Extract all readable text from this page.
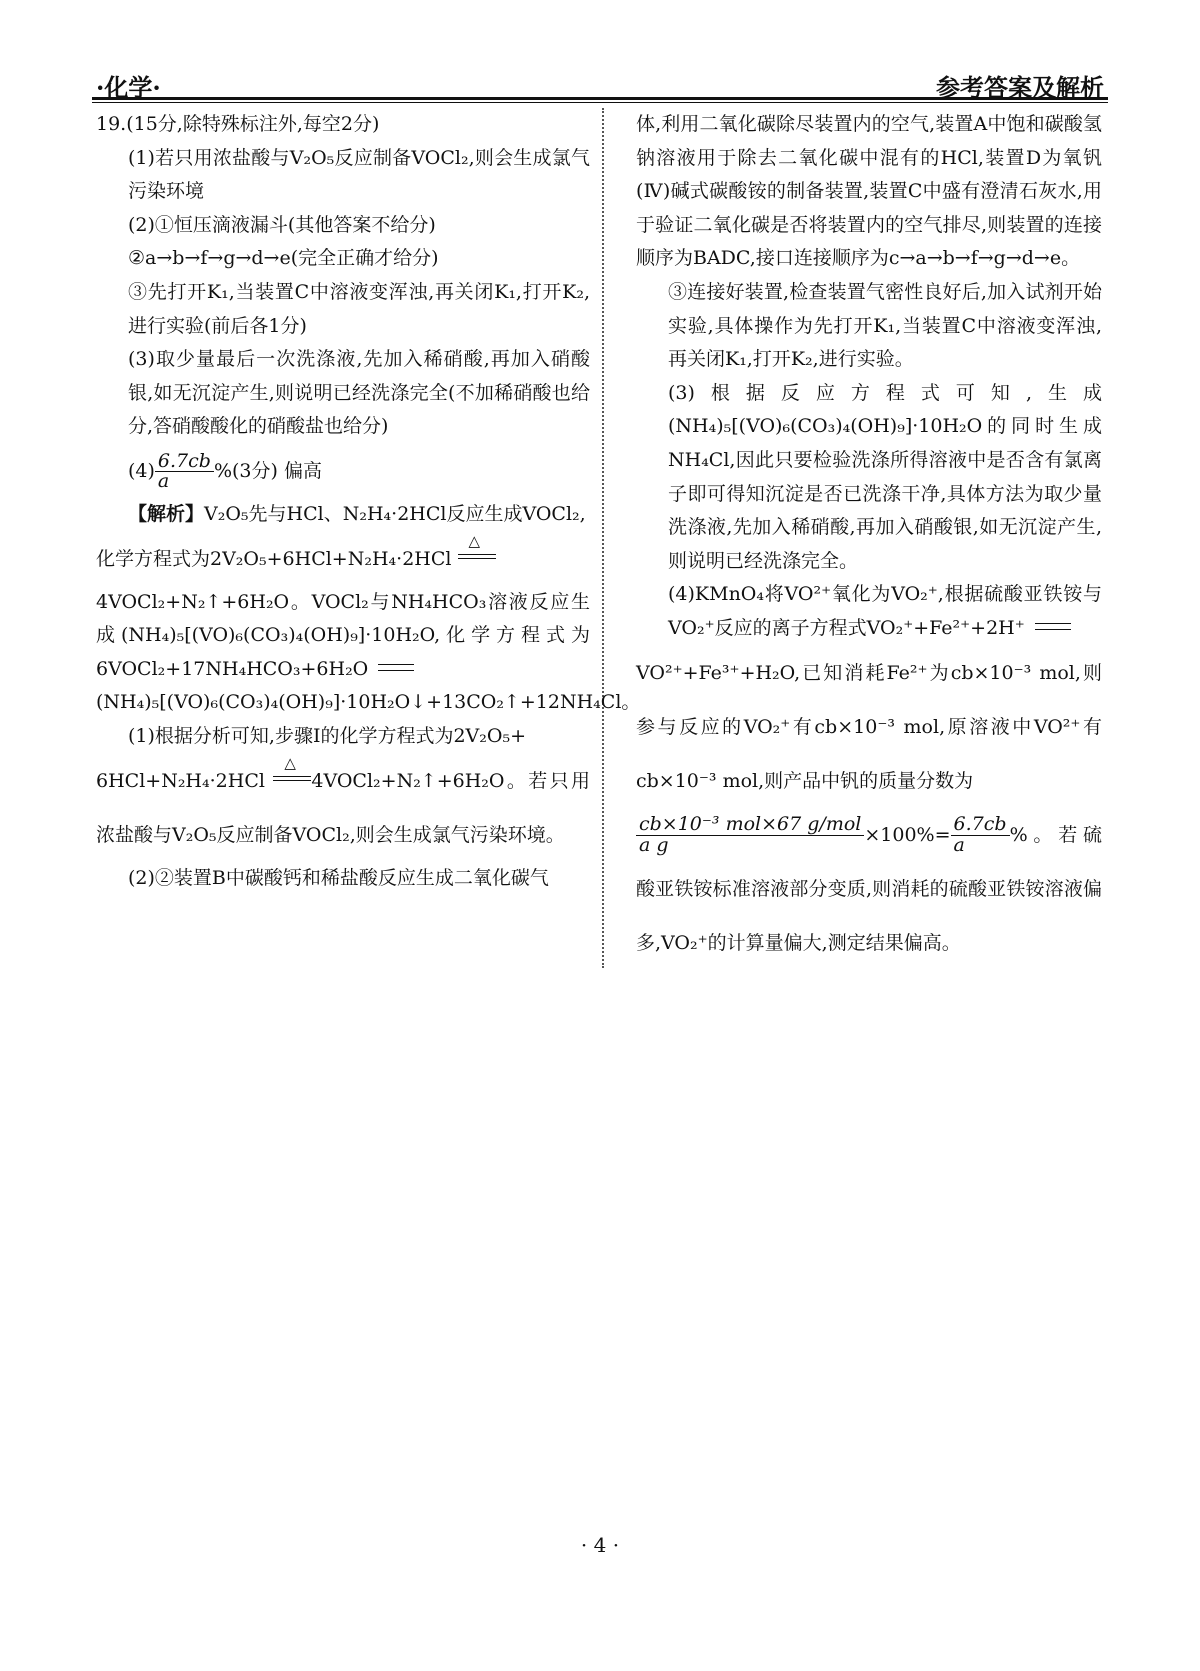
·化学·	参考答案及解析

19.(15分,除特殊标注外,每空2分)

(1)若只用浓盐酸与V₂O₅反应制备VOCl₂,则会生成氯气污染环境

(2)①恒压滴液漏斗(其他答案不给分)

②a→b→f→g→d→e(完全正确才给分)

③先打开K₁,当装置C中溶液变浑浊,再关闭K₁,打开K₂,进行实验(前后各1分)

(3)取少量最后一次洗涤液,先加入稀硝酸,再加入硝酸银,如无沉淀产生,则说明已经洗涤完全(不加稀硝酸也给分,答硝酸酸化的硝酸盐也给分)

$(4) \frac{6.7cb}{a} \%(3$分) 偏高

【解析】V₂O₅先与HCl、N₂H₄·2HCl反应生成VOCl₂,

化学方程式为2V₂O₅+6HCl+N₂H₄·2HCl △

4VOCl₂+N₂↑+6H₂O。VOCl₂与NH₄HCO₃溶液反应生成(NH₄)₅[(VO)₆(CO₃)₄(OH)₉]·10H₂O,化学方程式为6VOCl₂+17NH₄HCO₃+6H₂O

(NH₄)₅[(VO)₆(CO₃)₄(OH)₉]·10H₂O↓+13CO₂↑+12NH₄Cl。

(1)根据分析可知,步骤Ⅰ的化学方程式为2V₂O₅+

6HCl+N₂H₄·2HCl △ 4VOCl₂+N₂↑+6H₂O。若只用浓盐酸与V₂O₅反应制备VOCl₂,则会生成氯气污染环境。

(2)②装置B中碳酸钙和稀盐酸反应生成二氧化碳气

体,利用二氧化碳除尽装置内的空气,装置A中饱和碳酸氢钠溶液用于除去二氧化碳中混有的HCl,装置D为氧钒(Ⅳ)碱式碳酸铵的制备装置,装置C中盛有澄清石灰水,用于验证二氧化碳是否将装置内的空气排尽,则装置的连接顺序为BADC,接口连接顺序为c→a→b→f→g→d→e。

③连接好装置,检查装置气密性良好后,加入试剂开始实验,具体操作为先打开K₁,当装置C中溶液变浑浊,再关闭K₁,打开K₂,进行实验。

(3)根据反应方程式可知,生成(NH₄)₅[(VO)₆(CO₃)₄(OH)₉]·10H₂O的同时生成NH₄Cl,因此只要检验洗涤所得溶液中是否含有氯离子即可得知沉淀是否已洗涤干净,具体方法为取少量洗涤液,先加入稀硝酸,再加入硝酸银,如无沉淀产生,则说明已经洗涤完全。

(4)KMnO₄将VO²⁺氧化为VO₂⁺,根据硫酸亚铁铵与VO₂⁺反应的离子方程式VO₂⁺+Fe²⁺+2H⁺

VO²⁺+Fe³⁺+H₂O,已知消耗Fe²⁺为cb×10⁻³ mol,则参与反应的VO₂⁺有cb×10⁻³ mol,原溶液中VO²⁺有cb×10⁻³ mol,则产品中钒的质量分数为

$\frac{\text{cb×10⁻³ mol×67 g/mol}}{\text{a g}} \times 100\%= \frac{6.7cb}{a}$ %。若硫酸亚铁铵标准溶液部分变质,则消耗的硫酸亚铁铵溶液偏多,VO₂⁺的计算量偏大,测定结果偏高。

· 4 ·
